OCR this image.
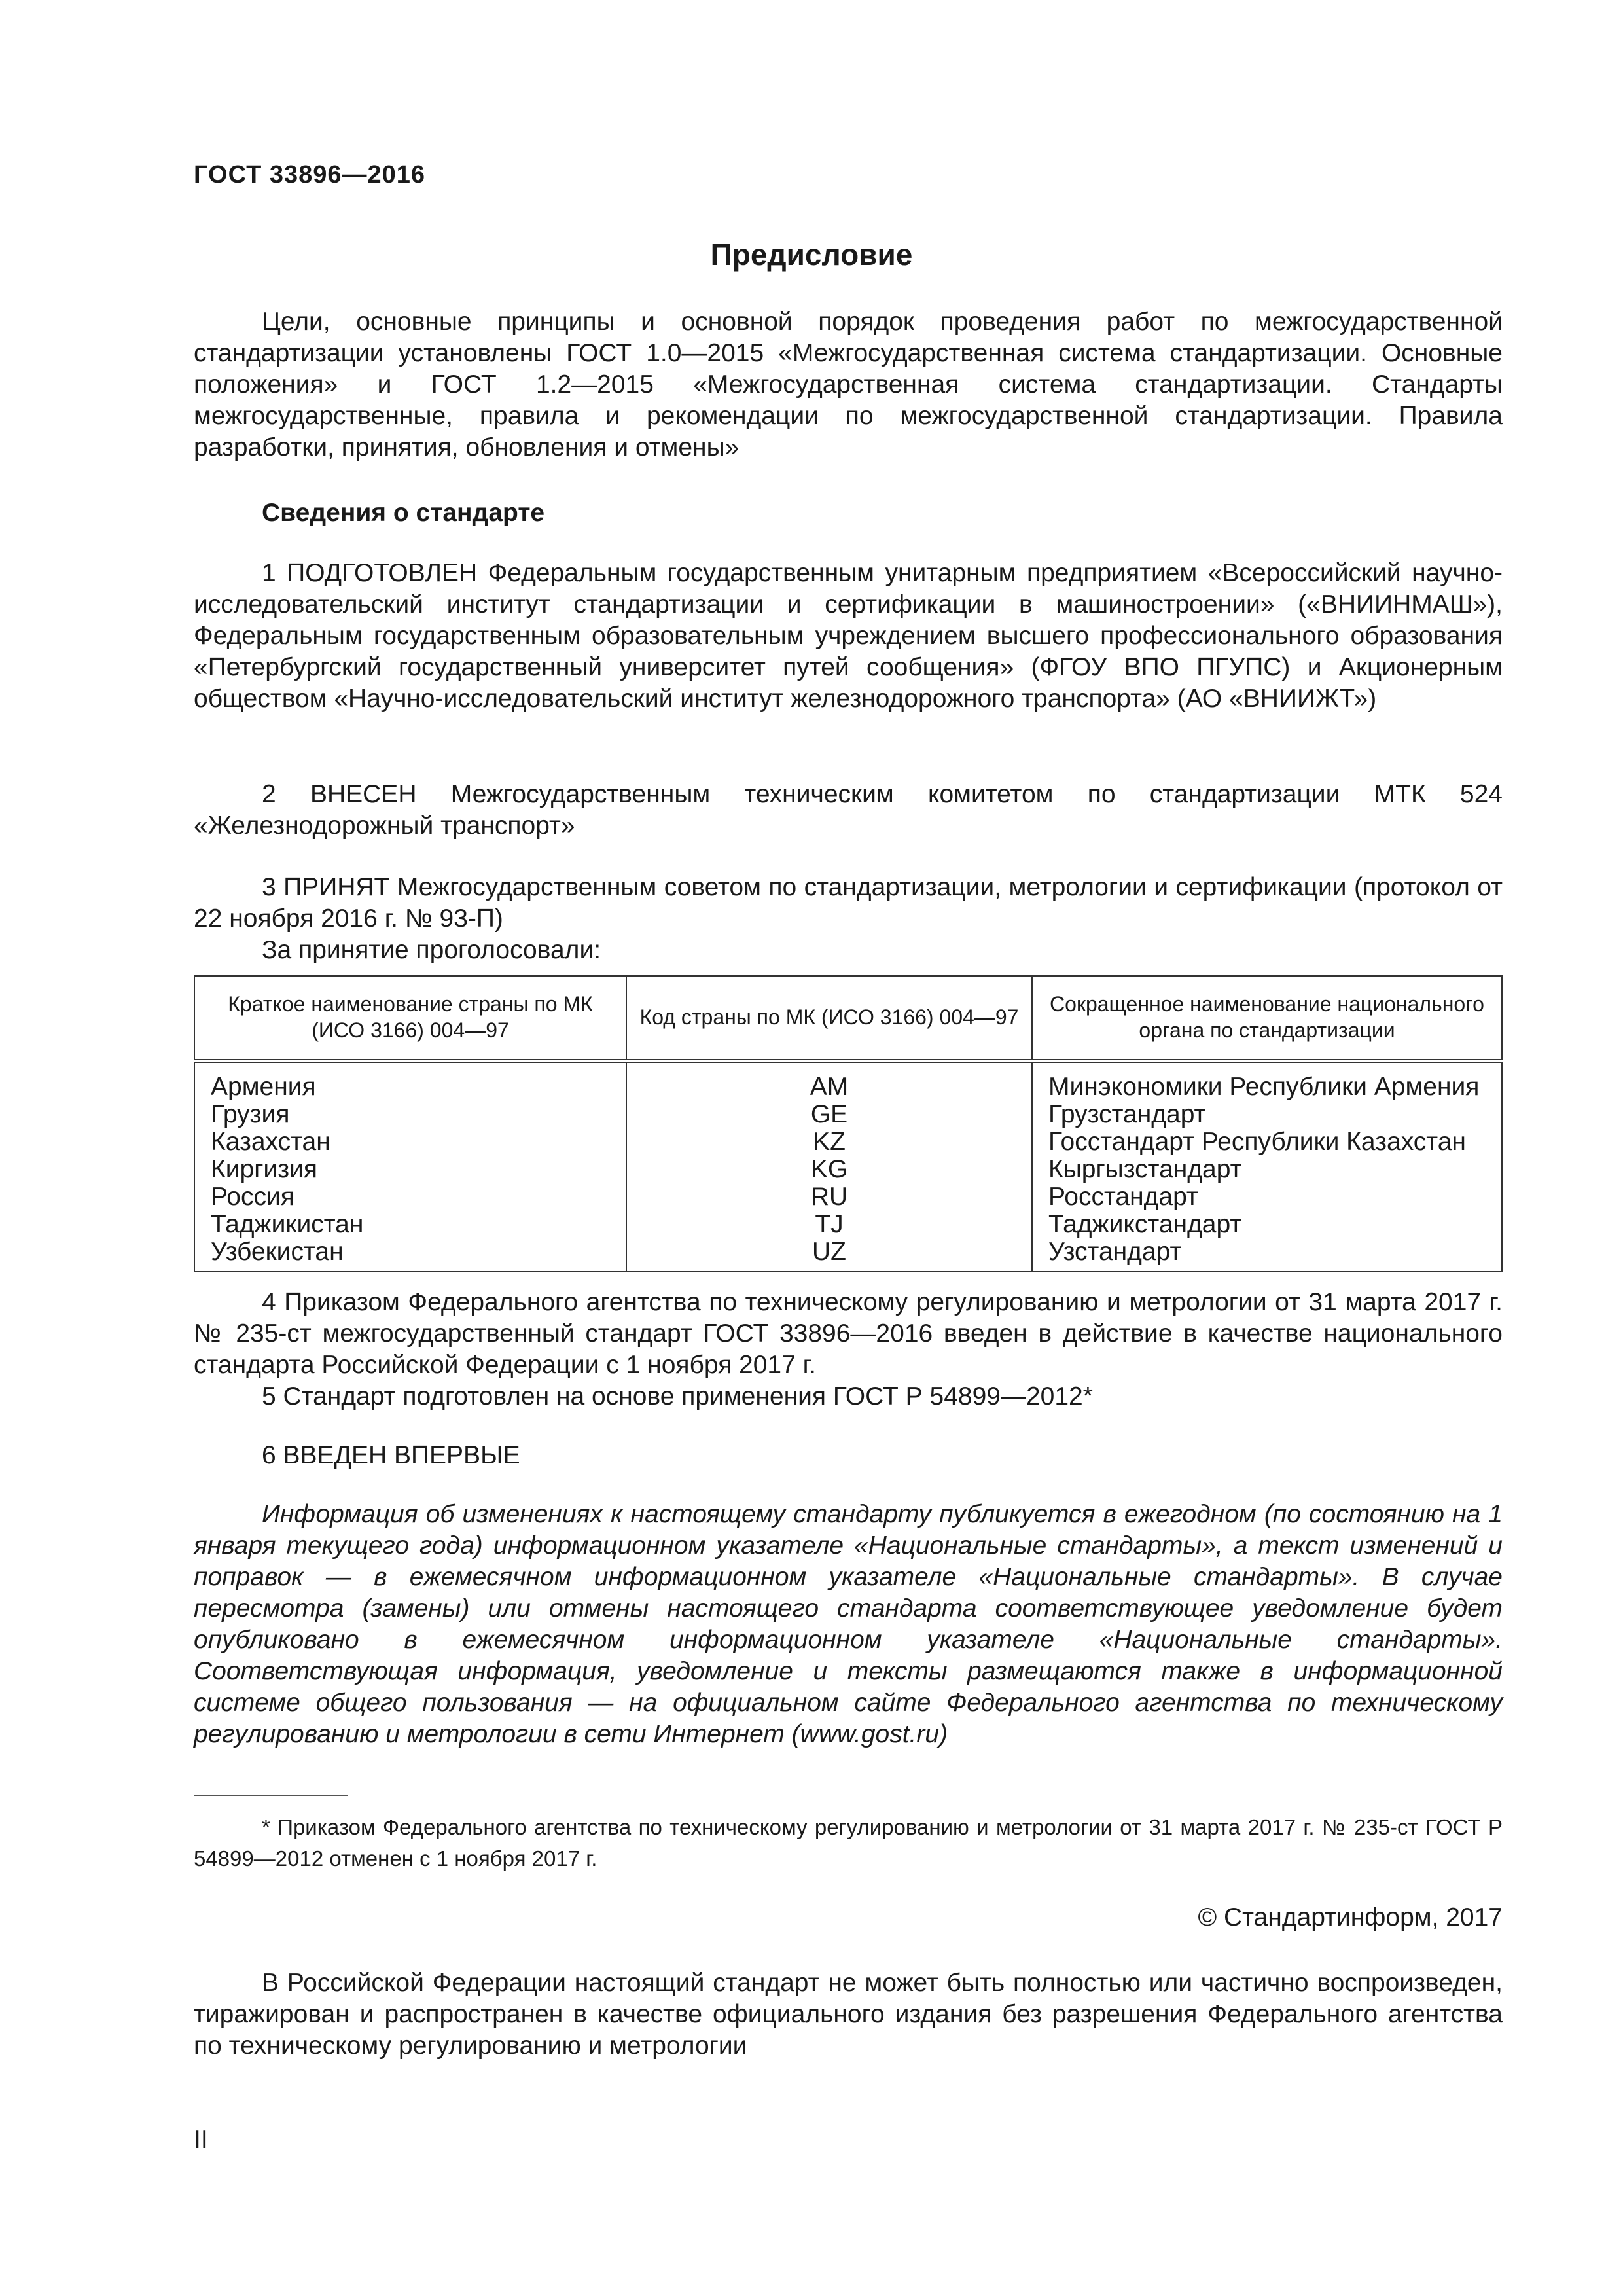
ГОСТ 33896—2016
Предисловие
Цели, основные принципы и основной порядок проведения работ по межгосударственной стандартизации установлены ГОСТ 1.0—2015 «Межгосударственная система стандартизации. Основные положения» и ГОСТ 1.2—2015 «Межгосударственная система стандартизации. Стандарты межгосударственные, правила и рекомендации по межгосударственной стандартизации. Правила разработки, принятия, обновления и отмены»
Сведения о стандарте
1 ПОДГОТОВЛЕН Федеральным государственным унитарным предприятием «Всероссийский научно-исследовательский институт стандартизации и сертификации в машиностроении» («ВНИИНМАШ»), Федеральным государственным образовательным учреждением высшего профессионального образования «Петербургский государственный университет путей сообщения» (ФГОУ ВПО ПГУПС) и Акционерным обществом «Научно-исследовательский институт железнодорожного транспорта» (АО «ВНИИЖТ»)
2 ВНЕСЕН Межгосударственным техническим комитетом по стандартизации МТК 524 «Железнодорожный транспорт»
3 ПРИНЯТ Межгосударственным советом по стандартизации, метрологии и сертификации (протокол от 22 ноября 2016 г. № 93-П)
За принятие проголосовали:
Краткое наименование страны по МК (ИСО 3166) 004—97	Код страны по МК (ИСО 3166) 004—97	Сокращенное наименование национального органа по стандартизации
Армения	AM	Минэкономики Республики Армения
Грузия	GE	Грузстандарт
Казахстан	KZ	Госстандарт Республики Казахстан
Киргизия	KG	Кыргызстандарт
Россия	RU	Росстандарт
Таджикистан	TJ	Таджикстандарт
Узбекистан	UZ	Узстандарт
4 Приказом Федерального агентства по техническому регулированию и метрологии от 31 марта 2017 г. № 235-ст межгосударственный стандарт ГОСТ 33896—2016 введен в действие в качестве национального стандарта Российской Федерации с 1 ноября 2017 г.
5 Стандарт подготовлен на основе применения ГОСТ Р 54899—2012*
6 ВВЕДЕН ВПЕРВЫЕ
Информация об изменениях к настоящему стандарту публикуется в ежегодном (по состоянию на 1 января текущего года) информационном указателе «Национальные стандарты», а текст изменений и поправок — в ежемесячном информационном указателе «Национальные стандарты». В случае пересмотра (замены) или отмены настоящего стандарта соответствующее уведомление будет опубликовано в ежемесячном информационном указателе «Национальные стандарты». Соответствующая информация, уведомление и тексты размещаются также в информационной системе общего пользования — на официальном сайте Федерального агентства по техническому регулированию и метрологии в сети Интернет (www.gost.ru)
* Приказом Федерального агентства по техническому регулированию и метрологии от 31 марта 2017 г. № 235-ст ГОСТ Р 54899—2012 отменен с 1 ноября 2017 г.
© Стандартинформ, 2017
В Российской Федерации настоящий стандарт не может быть полностью или частично воспроизведен, тиражирован и распространен в качестве официального издания без разрешения Федерального агентства по техническому регулированию и метрологии
II
